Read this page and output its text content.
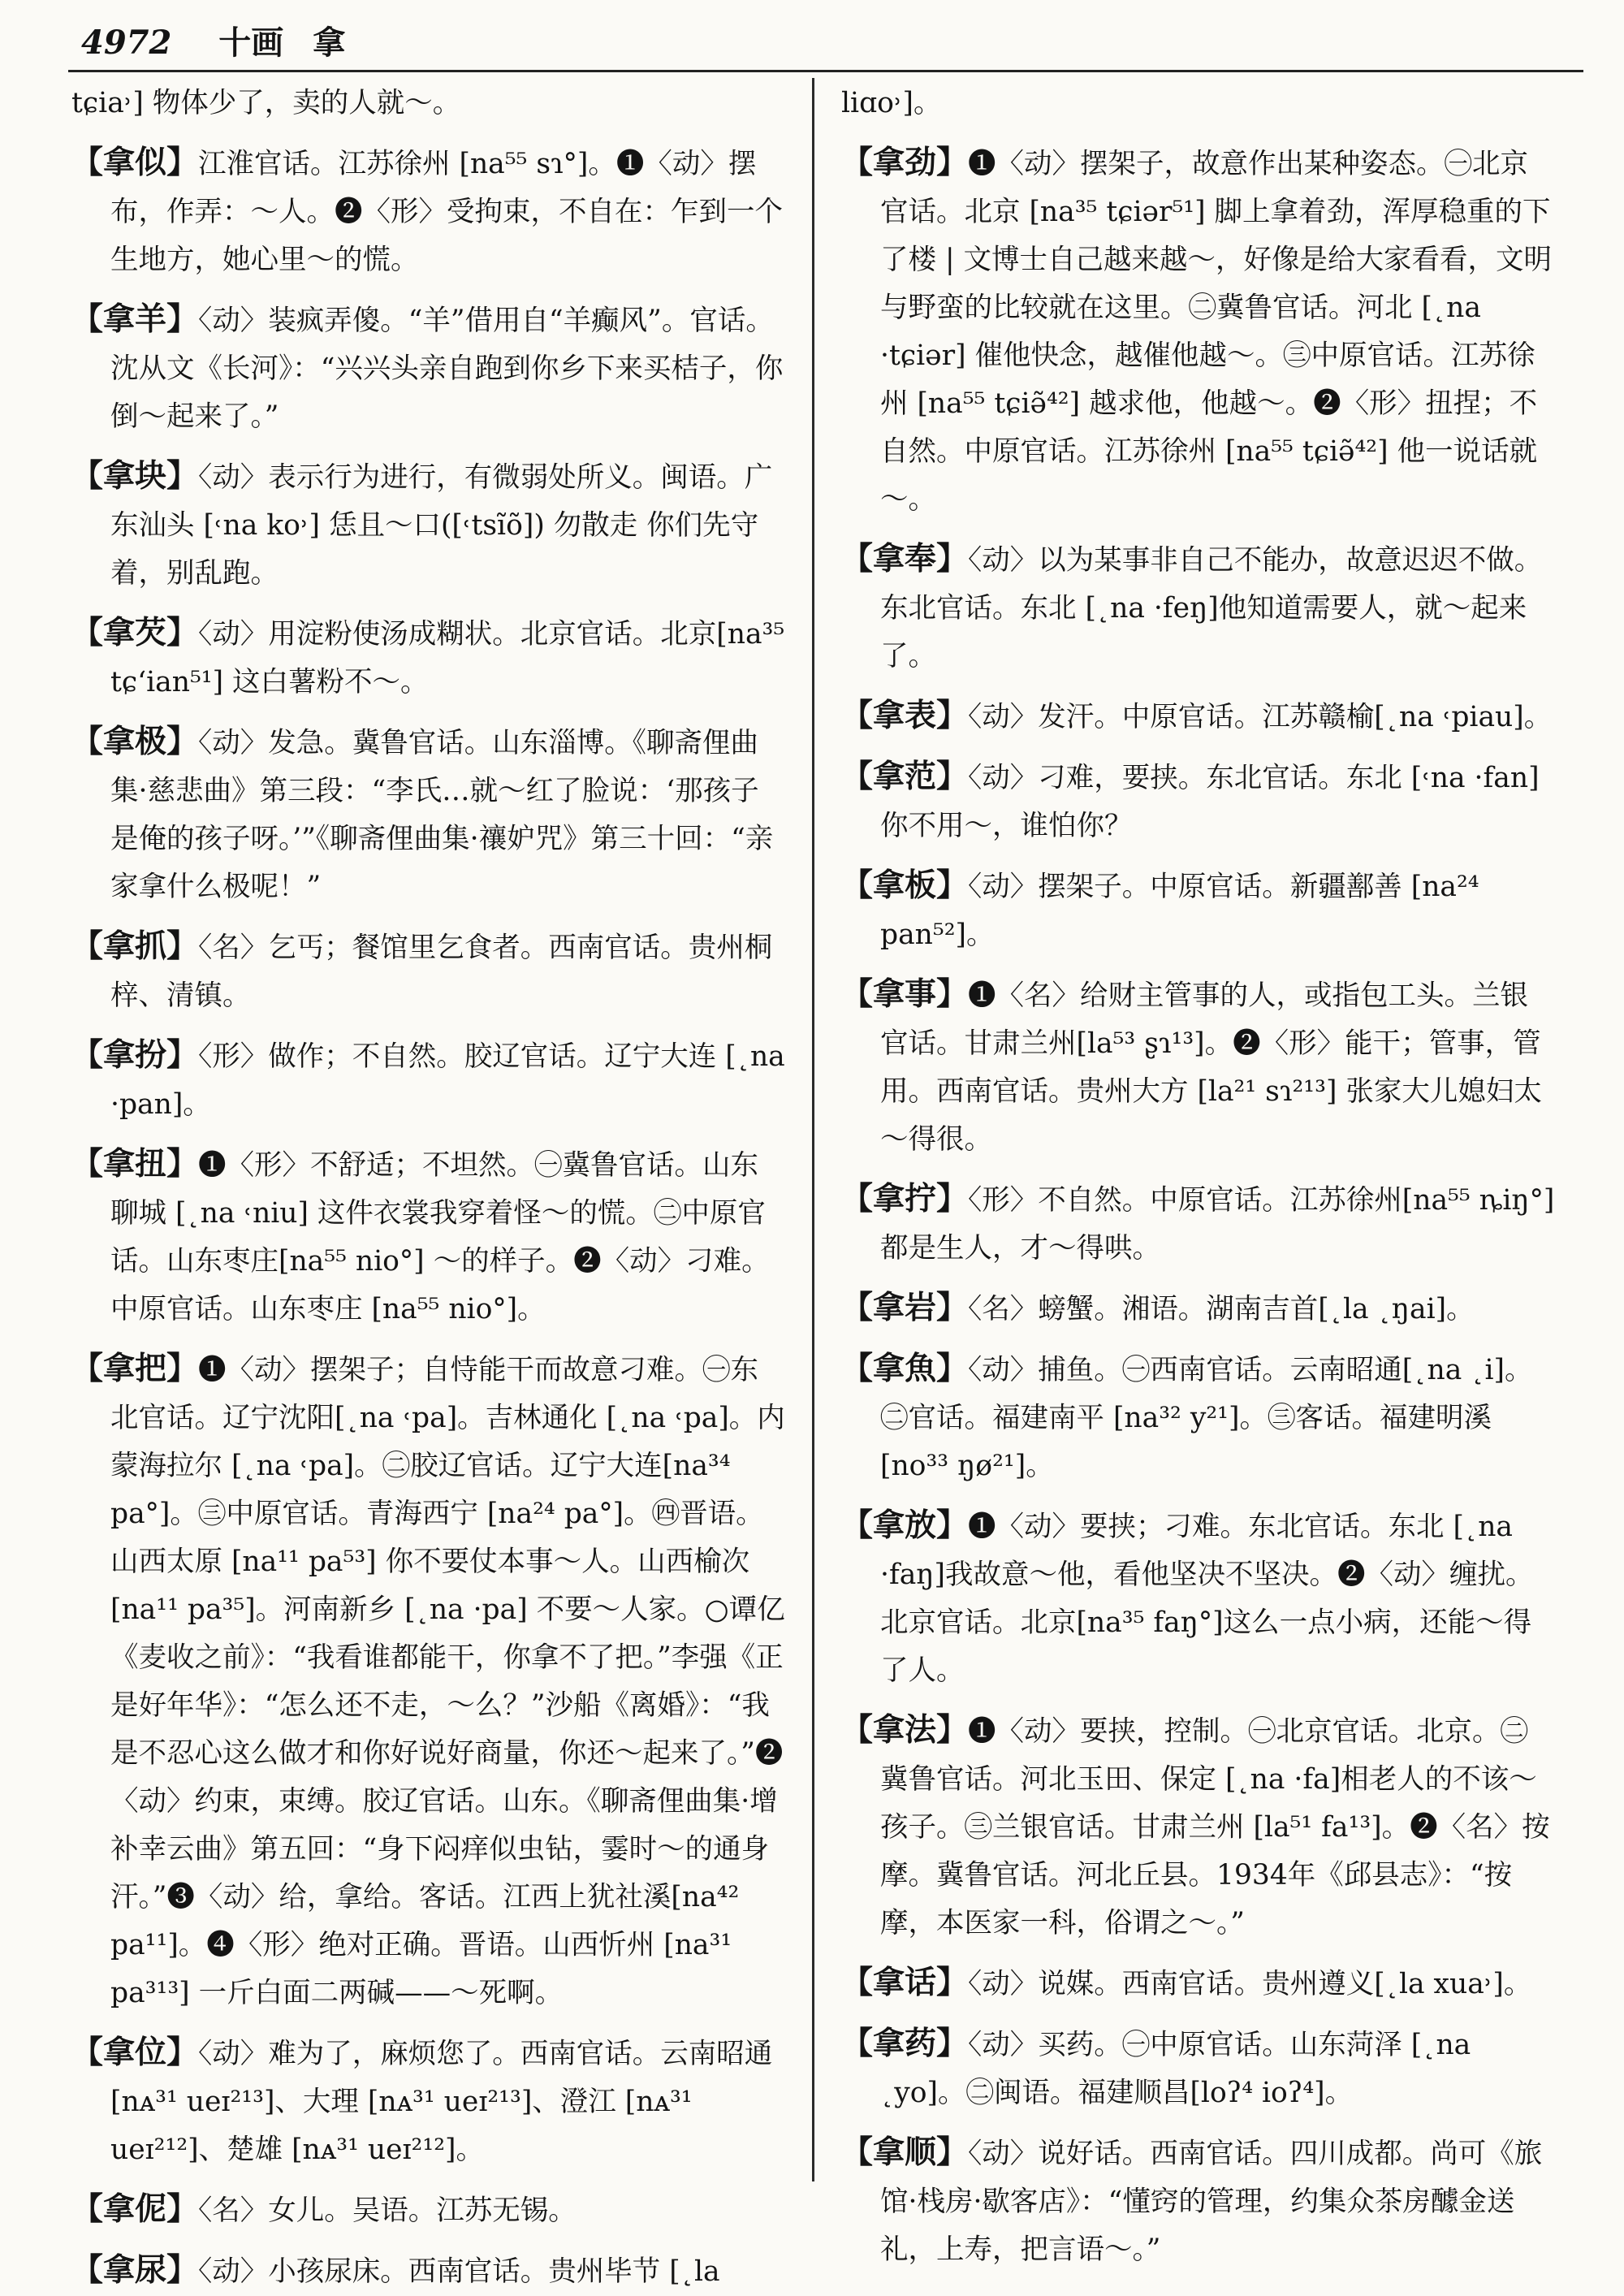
4972 十画 拿
tɕia˒] 物体少了，卖的人就～。
【拿似】江淮官话。江苏徐州 [na⁵⁵ sɿ°]。❶〈动〉摆布，作弄：～人。❷〈形〉受拘束，不自在：乍到一个生地方，她心里～的慌。
【拿羊】〈动〉装疯弄傻。“羊”借用自“羊癫风”。官话。沈从文《长河》：“兴兴头亲自跑到你乡下来买桔子，你倒～起来了。”
【拿块】〈动〉表示行为进行，有微弱处所义。闽语。广东汕头 [˓na ko˒] 恁且～口([˓tsĩõ]) 勿散走 你们先守着，别乱跑。
【拿芡】〈动〉用淀粉使汤成糊状。北京官话。北京[na³⁵ tɕʻian⁵¹] 这白薯粉不～。
【拿极】〈动〉发急。冀鲁官话。山东淄博。《聊斋俚曲集·慈悲曲》第三段：“李氏…就～红了脸说：‘那孩子是俺的孩子呀。’”《聊斋俚曲集·禳妒咒》第三十回：“亲家拿什么极呢！”
【拿抓】〈名〉乞丐；餐馆里乞食者。西南官话。贵州桐梓、清镇。
【拿扮】〈形〉做作；不自然。胶辽官话。辽宁大连 [˛na ·pan]。
【拿扭】❶〈形〉不舒适；不坦然。㊀冀鲁官话。山东聊城 [˛na ˓niu] 这件衣裳我穿着怪～的慌。㊁中原官话。山东枣庄[na⁵⁵ nio°] ～的样子。❷〈动〉刁难。中原官话。山东枣庄 [na⁵⁵ nio°]。
【拿把】❶〈动〉摆架子；自恃能干而故意刁难。㊀东北官话。辽宁沈阳[˛na ˓pa]。吉林通化 [˛na ˓pa]。内蒙海拉尔 [˛na ˓pa]。㊁胶辽官话。辽宁大连[na³⁴ pa°]。㊂中原官话。青海西宁 [na²⁴ pa°]。㊃晋语。山西太原 [na¹¹ pa⁵³] 你不要仗本事～人。山西榆次 [na¹¹ pa³⁵]。河南新乡 [˛na ·pa] 不要～人家。○谭亿《麦收之前》：“我看谁都能干，你拿不了把。”李强《正是好年华》：“怎么还不走，～么？”沙船《离婚》：“我是不忍心这么做才和你好说好商量，你还～起来了。”❷〈动〉约束，束缚。胶辽官话。山东。《聊斋俚曲集·增补幸云曲》第五回：“身下闷痒似虫钻，霎时～的通身汗。”❸〈动〉给，拿给。客话。江西上犹社溪[na⁴² pa¹¹]。❹〈形〉绝对正确。晋语。山西忻州 [na³¹ pa³¹³] 一斤白面二两碱——～死啊。
【拿位】〈动〉难为了，麻烦您了。西南官话。云南昭通 [nᴀ³¹ ueɪ²¹³]、大理 [nᴀ³¹ ueɪ²¹³]、澄江 [nᴀ³¹ ueɪ²¹²]、楚雄 [nᴀ³¹ ueɪ²¹²]。
【拿伲】〈名〉女儿。吴语。江苏无锡。
【拿尿】〈动〉小孩尿床。西南官话。贵州毕节 [˛la
liɑo˒]。
【拿劲】❶〈动〉摆架子，故意作出某种姿态。㊀北京官话。北京 [na³⁵ tɕiər⁵¹] 脚上拿着劲，浑厚稳重的下了楼 | 文博士自己越来越～，好像是给大家看看，文明与野蛮的比较就在这里。㊁冀鲁官话。河北 [˛na ·tɕiər] 催他快念，越催他越～。㊂中原官话。江苏徐州 [na⁵⁵ tɕiə̃⁴²] 越求他，他越～。❷〈形〉扭捏；不自然。中原官话。江苏徐州 [na⁵⁵ tɕiə̃⁴²] 他一说话就～。
【拿奉】〈动〉以为某事非自己不能办，故意迟迟不做。东北官话。东北 [˛na ·feŋ]他知道需要人，就～起来了。
【拿表】〈动〉发汗。中原官话。江苏赣榆[˛na ˓piau]。
【拿范】〈动〉刁难，要挟。东北官话。东北 [˓na ·fan] 你不用～，谁怕你？
【拿板】〈动〉摆架子。中原官话。新疆鄯善 [na²⁴ pan⁵²]。
【拿事】❶〈名〉给财主管事的人，或指包工头。兰银官话。甘肃兰州[la⁵³ ʂɿ¹³]。❷〈形〉能干；管事，管用。西南官话。贵州大方 [la²¹ sɿ²¹³] 张家大儿媳妇太～得很。
【拿拧】〈形〉不自然。中原官话。江苏徐州[na⁵⁵ ȵiŋ°] 都是生人，才～得哄。
【拿岩】〈名〉螃蟹。湘语。湖南吉首[˛la ˛ŋai]。
【拿魚】〈动〉捕鱼。㊀西南官话。云南昭通[˛na ˛i]。㊁官话。福建南平 [na³² y²¹]。㊂客话。福建明溪 [no³³ ŋø²¹]。
【拿放】❶〈动〉要挟；刁难。东北官话。东北 [˛na ·faŋ]我故意～他，看他坚决不坚决。❷〈动〉缠扰。北京官话。北京[na³⁵ faŋ°]这么一点小病，还能～得了人。
【拿法】❶〈动〉要挟，控制。㊀北京官话。北京。㊁冀鲁官话。河北玉田、保定 [˛na ·fa]相老人的不该～孩子。㊂兰银官话。甘肃兰州 [la⁵¹ fa¹³]。❷〈名〉按摩。冀鲁官话。河北丘县。1934年《邱县志》：“按摩，本医家一科，俗谓之～。”
【拿话】〈动〉说媒。西南官话。贵州遵义[˛la xua˒]。
【拿药】〈动〉买药。㊀中原官话。山东菏泽 [˛na ˛yo]。㊁闽语。福建顺昌[loʔ⁴ ioʔ⁴]。
【拿顺】〈动〉说好话。西南官话。四川成都。尚可《旅馆·栈房·歇客店》：“懂窍的管理，约集众茶房醵金送礼，上寿，把言语～。”
